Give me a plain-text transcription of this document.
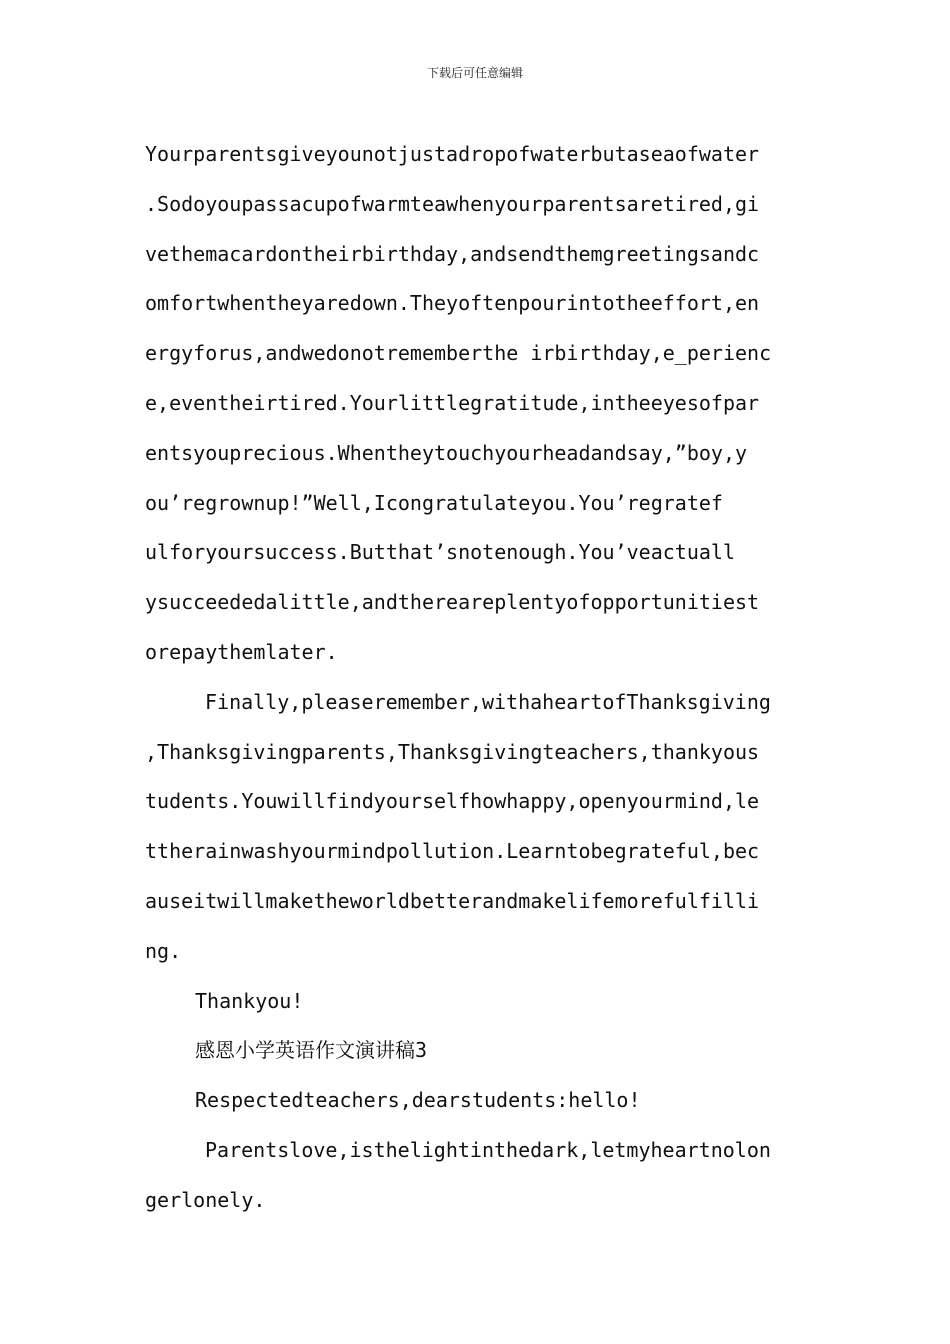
下载后可任意编辑
Yourparentsgiveyounotjustadropofwaterbutaseaofwater
.Sodoyoupassacupofwarmteawhenyourparentsaretired,gi
vethemacardontheirbirthday,andsendthemgreetingsandc
omfortwhentheyaredown.Theyoftenpourintotheeffort,en
ergyforus,andwedonotrememberthe irbirthday,e_perienc
e,eventheirtired.Yourlittlegratitude,intheeyesofpar
entsyouprecious.Whentheytouchyourheadandsay,”boy,y
ou’regrownup!”Well,Icongratulateyou.You’regratef
ulforyoursuccess.Butthat’snotenough.You’veactuall
ysucceededalittle,andthereareplentyofopportunitiest
orepaythemlater.
Finally,pleaseremember,withaheartofThanksgiving
,Thanksgivingparents,Thanksgivingteachers,thankyous
tudents.Youwillfindyourselfhowhappy,openyourmind,le
ttherainwashyourmindpollution.Learntobegrateful,bec
auseitwillmaketheworldbetterandmakelifemorefulfilli
ng.
Thankyou!
感恩小学英语作文演讲稿3
Respectedteachers,dearstudents:hello!
Parentslove,isthelightinthedark,letmyheartnolon
gerlonely.
